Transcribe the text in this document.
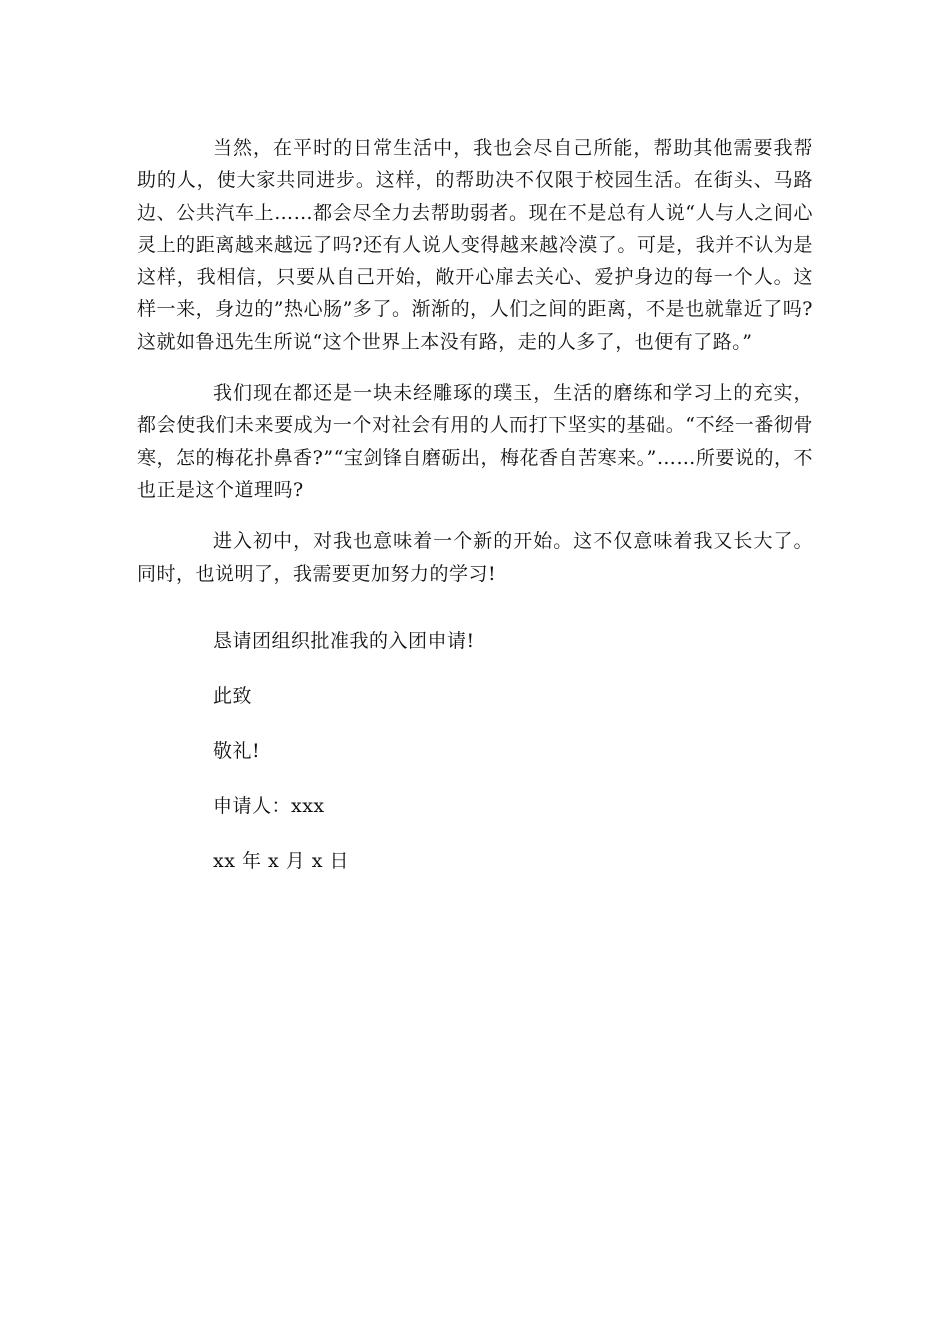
当然，在平时的日常生活中，我也会尽自己所能，帮助其他需要我帮助的人，使大家共同进步。这样，的帮助决不仅限于校园生活。在街头、马路边、公共汽车上……都会尽全力去帮助弱者。现在不是总有人说“人与人之间心灵上的距离越来越远了吗?还有人说人变得越来越冷漠了。可是，我并不认为是这样，我相信，只要从自己开始，敞开心扉去关心、爱护身边的每一个人。这样一来，身边的”热心肠”多了。渐渐的，人们之间的距离，不是也就靠近了吗?这就如鲁迅先生所说“这个世界上本没有路，走的人多了，也便有了路。”

我们现在都还是一块未经雕琢的璞玉，生活的磨练和学习上的充实，都会使我们未来要成为一个对社会有用的人而打下坚实的基础。“不经一番彻骨寒，怎的梅花扑鼻香?”“宝剑锋自磨砺出，梅花香自苦寒来。”……所要说的，不也正是这个道理吗?

进入初中，对我也意味着一个新的开始。这不仅意味着我又长大了。同时，也说明了，我需要更加努力的学习!

恳请团组织批准我的入团申请!

此致

敬礼!

申请人：xxx

xx 年 x 月 x 日
